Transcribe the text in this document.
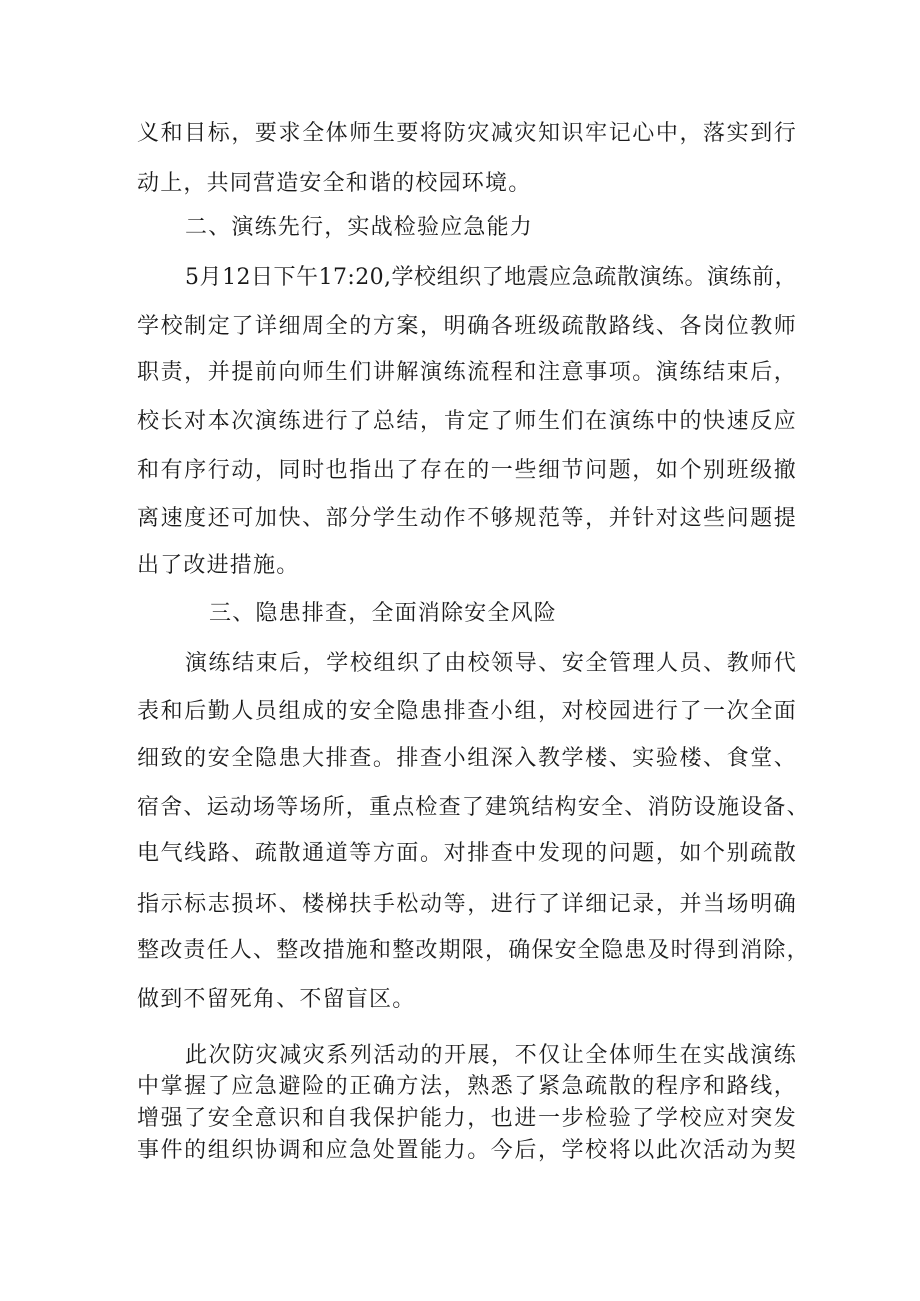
义和目标，要求全体师生要将防灾减灾知识牢记心中，落实到行

动上，共同营造安全和谐的校园环境。

二、演练先行，实战检验应急能力

5月12日下午17:20,学校组织了地震应急疏散演练。演练前，

学校制定了详细周全的方案，明确各班级疏散路线、各岗位教师

职责，并提前向师生们讲解演练流程和注意事项。演练结束后，

校长对本次演练进行了总结，肯定了师生们在演练中的快速反应

和有序行动，同时也指出了存在的一些细节问题，如个别班级撤

离速度还可加快、部分学生动作不够规范等，并针对这些问题提

出了改进措施。

三、隐患排查，全面消除安全风险

演练结束后，学校组织了由校领导、安全管理人员、教师代

表和后勤人员组成的安全隐患排查小组，对校园进行了一次全面

细致的安全隐患大排查。排查小组深入教学楼、实验楼、食堂、

宿舍、运动场等场所，重点检查了建筑结构安全、消防设施设备、

电气线路、疏散通道等方面。对排查中发现的问题，如个别疏散

指示标志损坏、楼梯扶手松动等，进行了详细记录，并当场明确

整改责任人、整改措施和整改期限，确保安全隐患及时得到消除，

做到不留死角、不留盲区。

此次防灾减灾系列活动的开展，不仅让全体师生在实战演练

中掌握了应急避险的正确方法，熟悉了紧急疏散的程序和路线，

增强了安全意识和自我保护能力，也进一步检验了学校应对突发

事件的组织协调和应急处置能力。今后，学校将以此次活动为契
